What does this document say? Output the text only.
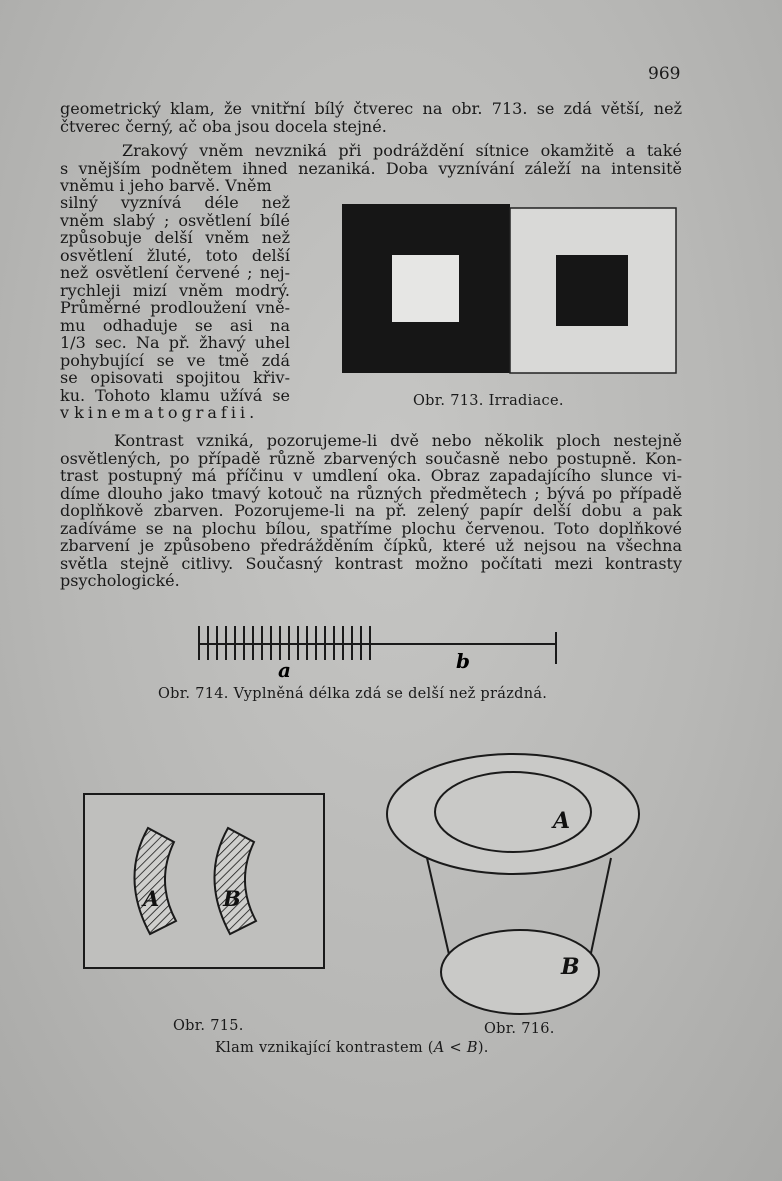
969
geometrický klam, že vnitřní bílý čtverec na obr. 713. se zdá větší, než
čtverec černý, ač oba jsou docela stejné.
Zrakový vněm nevzniká při podráždění sítnice okamžitě a také
s vnějším podnětem ihned nezaniká. Doba vyznívání záleží na intensitě
vněmu i jeho barvě. Vněm
silný vyznívá déle než
vněm slabý ; osvětlení bílé
způsobuje delší vněm než
osvětlení žluté, toto delší
než osvětlení červené ; nej-
rychleji mizí vněm modrý.
Průměrné prodloužení vně-
mu odhaduje se asi na
1/3 sec. Na př. žhavý uhel
pohybující se ve tmě zdá
se opisovati spojitou křiv-
ku. Tohoto klamu užívá se
v kinematografii.
Obr. 713. Irradiace.
Kontrast vzniká, pozorujeme-li dvě nebo několik ploch nestejně
osvětlených, po případě různě zbarvených současně nebo postupně. Kon-
trast postupný má příčinu v umdlení oka. Obraz zapadajícího slunce vi-
díme dlouho jako tmavý kotouč na různých předmětech ; bývá po případě
doplňkově zbarven. Pozorujeme-li na př. zelený papír delší dobu a pak
zadíváme se na plochu bílou, spatříme plochu červenou. Toto doplňkové
zbarvení je způsobeno předrážděním čípků, které už nejsou na všechna
světla stejně citlivy. Současný kontrast možno počítati mezi kontrasty
psychologické.
a	b
Obr. 714. Vyplněná délka zdá se delší než prázdná.
A	B
Obr. 715.
A
B
Obr. 716.
Klam vznikající kontrastem (A < B).
